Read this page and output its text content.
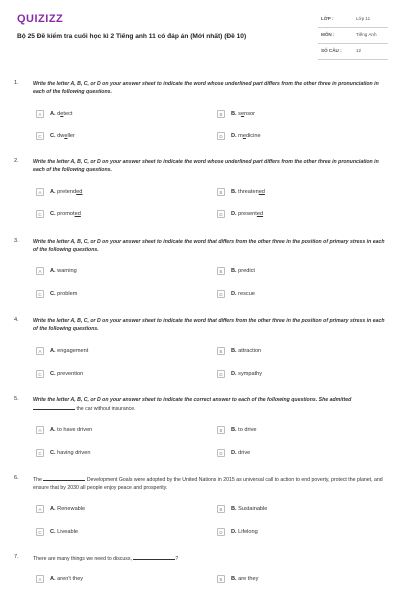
QUIZIZZ
Bộ 25 Đề kiểm tra cuối học kì 2 Tiếng anh 11 có đáp án (Mới nhất) (Đề 10)
LỚP :	Lớp 11
MÔN :	Tiếng Anh
SỐ CÂU :	12
1.	Write the letter A, B, C, or D on your answer sheet to indicate the word whose underlined part differs from the other three in pronunciation in each of the following questions.
A	A. detect	B	B. sensor
C	C. dweller	D	D. medicine
2.	Write the letter A, B, C, or D on your answer sheet to indicate the word whose underlined part differs from the other three in pronunciation in each of the following questions.
A	A. pretended	B	B. threatened
C	C. promoted	D	D. presented
3.	Write the letter A, B, C, or D on your answer sheet to indicate the word that differs from the other three in the position of primary stress in each of the following questions.
A	A. warning	B	B. predict
C	C. problem	D	D. rescue
4.	Write the letter A, B, C, or D on your answer sheet to indicate the word that differs from the other three in the position of primary stress in each of the following questions.
A	A. engagement	B	B. attraction
C	C. prevention	D	D. sympathy
5.	Write the letter A, B, C, or D on your answer sheet to indicate the correct answer to each of the following questions. She admitted  the car without insurance.
A	A. to have driven	B	B. to drive
C	C. having driven	D	D. drive
6.	The	Development Goals were adopted by the United Nations in 2015 as universal call to action to end poverty, protect the planet, and ensure that by 2030 all people enjoy peace and prosperity.
A	A. Renewable	B	B. Sustainable
C	C. Liveable	D	D. Lifelong
7.	There are many things we need to discuss,	?
A	A. aren't they	B	B. are they
